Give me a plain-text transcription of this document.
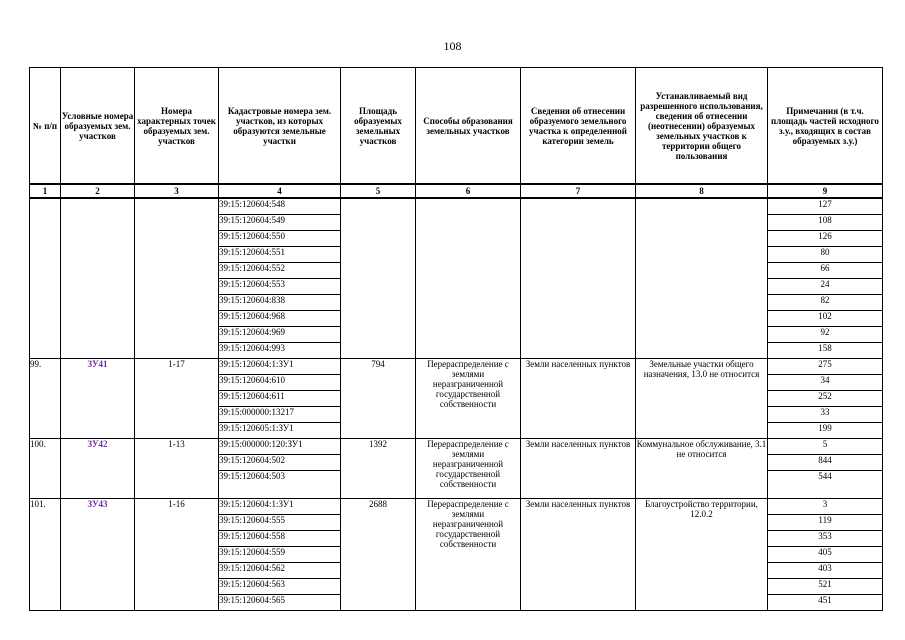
108
№ п/п	Условные номера образуемых зем. участков	Номера характерных точек образуемых зем. участков	Кадастровые номера зем. участков, из которых образуются земельные участки	Площадь образуемых земельных участков	Способы образования земельных участков	Сведения об отнесении образуемого земельного участка к определенной категории земель	Устанавливаемый вид разрешенного использования, сведения об отнесении (неотнесении) образуемых земельных участков к территории общего пользования	Примечания (в т.ч. площадь частей исходного з.у., входящих в состав образуемых з.у.)
1	2	3	4	5	6	7	8	9
			39:15:120604:548					127
			39:15:120604:549					108
			39:15:120604:550					126
			39:15:120604:551					80
			39:15:120604:552					66
			39:15:120604:553					24
			39:15:120604:838					82
			39:15:120604:968					102
			39:15:120604:969					92
			39:15:120604:993					158
99.	ЗУ41	1-17	39:15:120604:1:ЗУ1	794	Перераспределение с землями неразграниченной государственной собственности	Земли населенных пунктов	Земельные участки общего назначения, 13.0 не относится	275
			39:15:120604:610					34
			39:15:120604:611					252
			39:15:000000:13217					33
			39:15:120605:1:ЗУ1					199
100.	ЗУ42	1-13	39:15:000000:120:ЗУ1	1392	Перераспределение с землями неразграниченной государственной собственности	Земли населенных пунктов	Коммунальное обслуживание, 3.1 не относится	5
			39:15:120604:502					844
			39:15:120604:503					544
101.	ЗУ43	1-16	39:15:120604:1:ЗУ1	2688	Перераспределение с землями неразграниченной государственной собственности	Земли населенных пунктов	Благоустройство территории, 12.0.2	3
			39:15:120604:555					119
			39:15:120604:558					353
			39:15:120604:559					405
			39:15:120604:562					403
			39:15:120604:563					521
			39:15:120604:565					451
